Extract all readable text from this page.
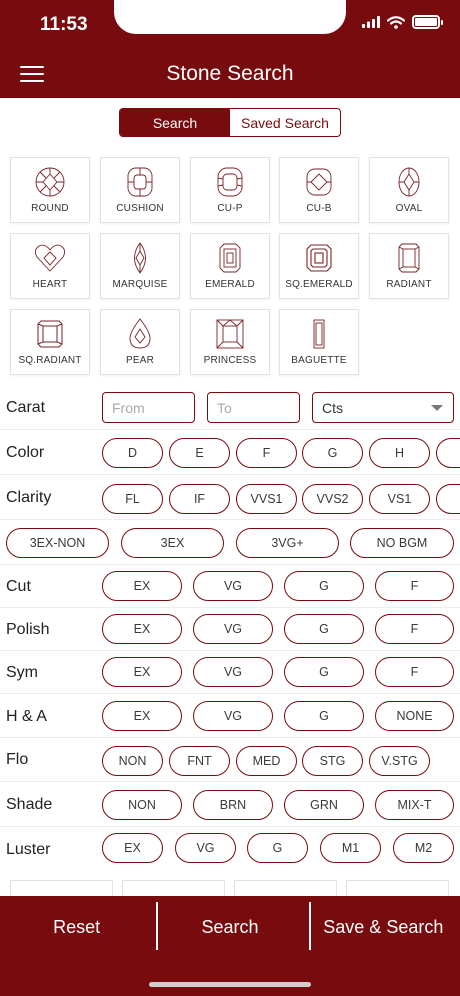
11:53
Stone Search
Search	Saved Search
ROUND	CUSHION	CU-P	CU-B	OVAL
HEART	MARQUISE	EMERALD	SQ.EMERALD	RADIANT
SQ.RADIANT	PEAR	PRINCESS	BAGUETTE
Carat	From	To	Cts
Color	D	E	F	G	H
Clarity	FL	IF	VVS1	VVS2	VS1
3EX-NON	3EX	3VG+	NO BGM
Cut	EX	VG	G	F
Polish	EX	VG	G	F
Sym	EX	VG	G	F
H & A	EX	VG	G	NONE
Flo	NON	FNT	MED	STG	V.STG
Shade	NON	BRN	GRN	MIX-T
Luster	EX	VG	G	M1	M2
Reset	Search	Save & Search
